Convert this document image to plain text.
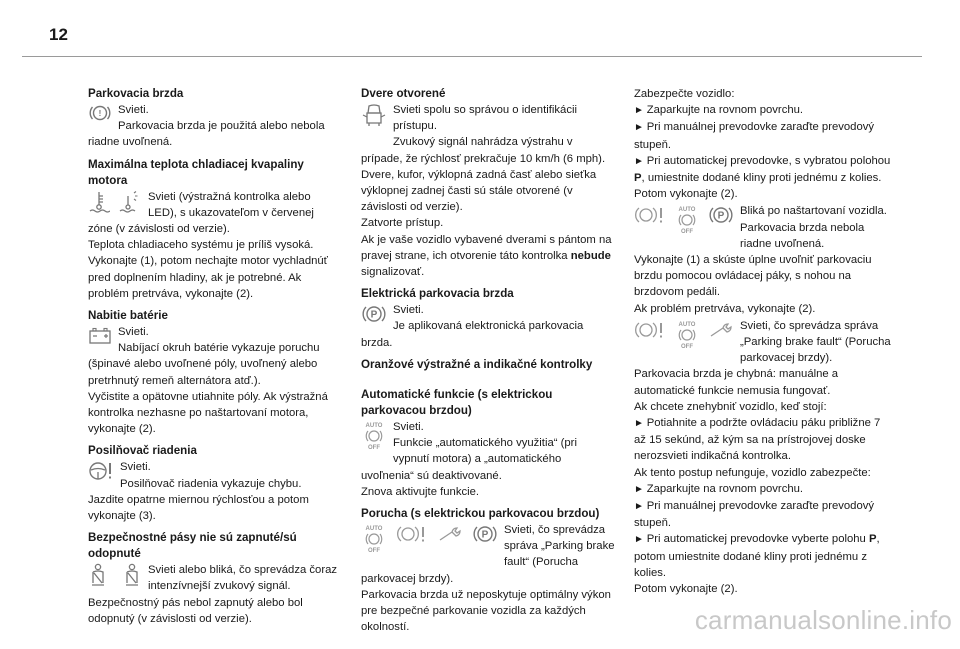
12
Parkovacia brzda
!	Svieti.

Parkovacia brzda je použitá alebo nebola riadne uvoľnená.

Maximálna teplota chladiacej kvapaliny motora

Svieti (výstražná kontrolka alebo LED), s ukazovateľom v červenej zóne (v závislosti od verzie).

Teplota chladiaceho systému je príliš vysoká.

Vykonajte (1), potom nechajte motor vychladnúť pred doplnením hladiny, ak je potrebné. Ak problém pretrváva, vykonajte (2).

Nabitie batérie

Svieti.

Nabíjací okruh batérie vykazuje poruchu (špinavé alebo uvoľnené póly, uvoľnený alebo pretrhnutý remeň alternátora atď.).

Vyčistite a opätovne utiahnite póly. Ak výstražná kontrolka nezhasne po naštartovaní motora, vykonajte (2).

Posilňovač riadenia

Svieti.

Posilňovač riadenia vykazuje chybu.

Jazdite opatrne miernou rýchlosťou a potom vykonajte (3).

Bezpečnostné pásy nie sú zapnuté/sú odopnuté

Svieti alebo bliká, čo sprevádza čoraz intenzívnejší zvukový signál.

Bezpečnostný pás nebol zapnutý alebo bol odopnutý (v závislosti od verzie).

Dvere otvorené

Svieti spolu so správou o identifikácii prístupu.

Zvukový signál nahrádza výstrahu v prípade, že rýchlosť prekračuje 10 km/h (6 mph).

Dvere, kufor, výklopná zadná časť alebo sieťka výklopnej zadnej časti sú stále otvorené (v závislosti od verzie).

Zatvorte prístup.

Ak je vaše vozidlo vybavené dverami s pántom na pravej strane, ich otvorenie táto kontrolka nebude signalizovať.

Elektrická parkovacia brzda
P	Svieti.

Je aplikovaná elektronická parkovacia brzda.

Oranžové výstražné a indikačné kontrolky
Automatické funkcie (s elektrickou parkovacou brzdou)
AUTO
OFF

Svieti.

Funkcie „automatického využitia“ (pri vypnutí motora) a „automatického uvoľnenia“ sú deaktivované.

Znova aktivujte funkcie.

Porucha (s elektrickou parkovacou brzdou)
AUTO
OFF
P	Svieti, čo sprevádza správa „Parking brake fault“ (Porucha parkovacej brzdy).

Parkovacia brzda už neposkytuje optimálny výkon pre bezpečné parkovanie vozidla za každých okolností.

Zabezpečte vozidlo:

► Zaparkujte na rovnom povrchu.

► Pri manuálnej prevodovke zaraďte prevodový stupeň.

► Pri automatickej prevodovke, s vybratou polohou P, umiestnite dodané kliny proti jednému z kolies.

Potom vykonajte (2).

AUTO
OFF
P	Bliká po naštartovaní vozidla.

Parkovacia brzda nebola riadne uvoľnená.

Vykonajte (1) a skúste úplne uvoľniť parkovaciu brzdu pomocou ovládacej páky, s nohou na brzdovom pedáli.

Ak problém pretrváva, vykonajte (2).

AUTO
OFF

Svieti, čo sprevádza správa „Parking brake fault“ (Porucha parkovacej brzdy).

Parkovacia brzda je chybná: manuálne a automatické funkcie nemusia fungovať.

Ak chcete znehybniť vozidlo, keď stojí:

► Potiahnite a podržte ovládaciu páku približne 7 až 15 sekúnd, až kým sa na prístrojovej doske nerozsvieti indikačná kontrolka.

Ak tento postup nefunguje, vozidlo zabezpečte:

► Zaparkujte na rovnom povrchu.

► Pri manuálnej prevodovke zaraďte prevodový stupeň.

► Pri automatickej prevodovke vyberte polohu P, potom umiestnite dodané kliny proti jednému z kolies.

Potom vykonajte (2).

carmanualsonline.info
